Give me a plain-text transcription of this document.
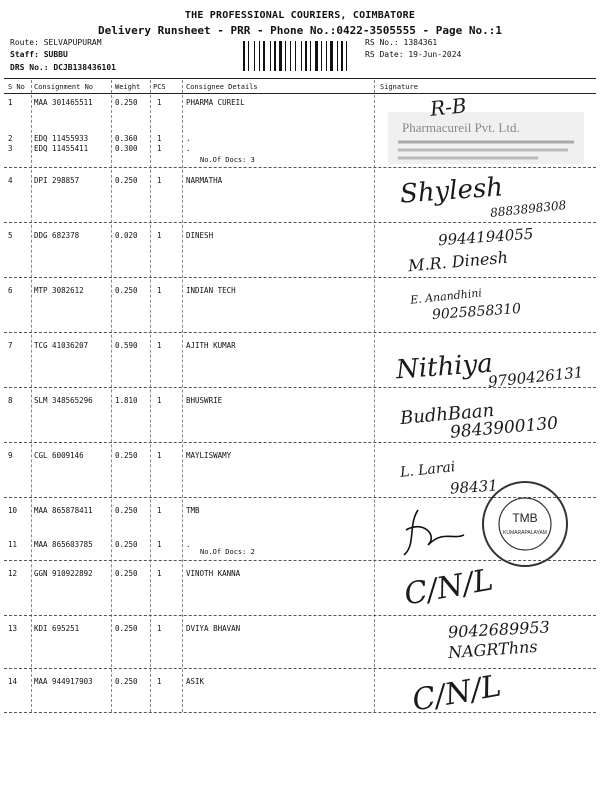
THE PROFESSIONAL COURIERS, COIMBATORE
Delivery Runsheet - PRR - Phone No.:0422-3505555 - Page No.:1
Route: SELVAPUPURAM
Staff: SUBBU
DRS No.: DCJB138436101
RS No.: 1384361
RS Date: 19-Jun-2024
S No Consignment No	Weight PCS	Consignee Details	Signature
1	MAA 301465511	0.250	1	PHARMA CUREIL
2	EDQ 11455933	0.360	1	.
3	EDQ 11455411	0.300	1	.
4	DPI 298857	0.250	1	NARMATHA
5	DDG 682378	0.020	1	DINESH
6	MTP 3082612	0.250	1	INDIAN TECH
7	TCG 41036207	0.590	1	AJITH KUMAR
8	SLM 348565296	1.810	1	BHUSWRIE
9	CGL 6009146	0.250	1	MAYLISWAMY
10 MAA 865878411	0.250	1	TMB
11 MAA 865603785	0.250	1	.
12 GGN 910922892	0.250	1	VINOTH KANNA
13 KDI 695251	0.250	1	DVIYA BHAVAN
14 MAA 944917903	0.250	1	ASIK
No.Of Docs: 3
No.Of Docs: 2
Pharmacureil Pvt. Ltd.
TMB
KUMARAPALAYAM
R-B
Shylesh
8883898308
9944194055
M.R. Dinesh
E. Anandhini
9025858310
Nithiya
9790426131
BudhBaan
9843900130
L. Larai
98431
C/N/L
9042689953
NAGRThns
C/N/L
